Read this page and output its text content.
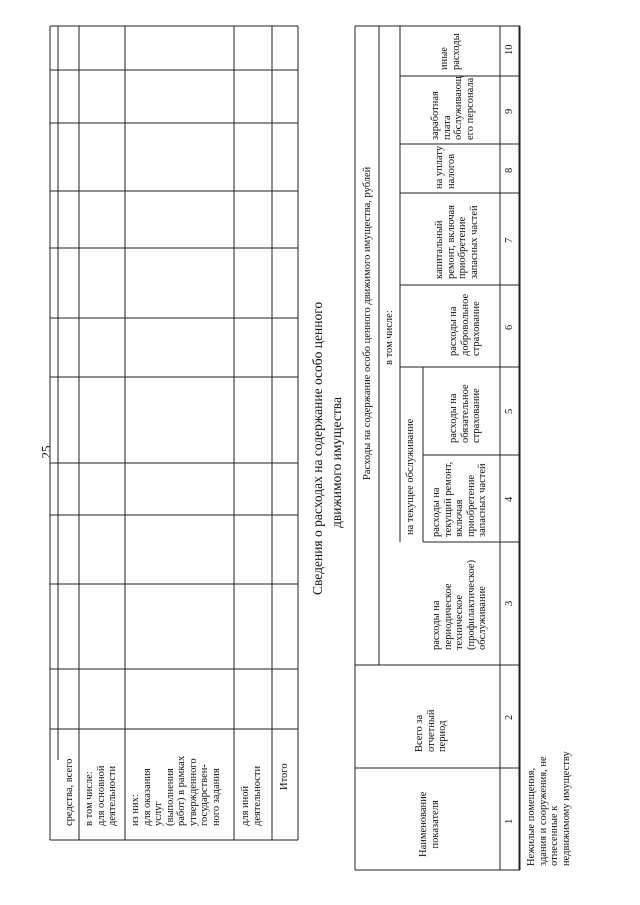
25
средства, всего в том числе: для основной деятельности из них: для оказания услуг (выполнения работ) в рамках утвержденного государствен- ного задания для иной деятельности Итого
Сведения о расходах на содержание особо ценного движимого имущества
Наименование показателя
Всего за отчетный период
Расходы на содержание особо ценного движимого имущества, рублей в том числе:
на текущее обслуживание
расходы на периодическое техническое (профилактическое) обслуживание
расходы на текущий ремонт, включая приобретение запасных частей
расходы на обязательное страхование
расходы на добровольное страхование
капитальный ремонт, включая приобретение запасных частей
на уплату налогов
заработная плата обслуживающ его персонала
иные расходы
1
2
3
4
5
6
7
8
9
10
Нежилые помещения, здания и сооружения, не отнесенные к недвижимому имуществу
